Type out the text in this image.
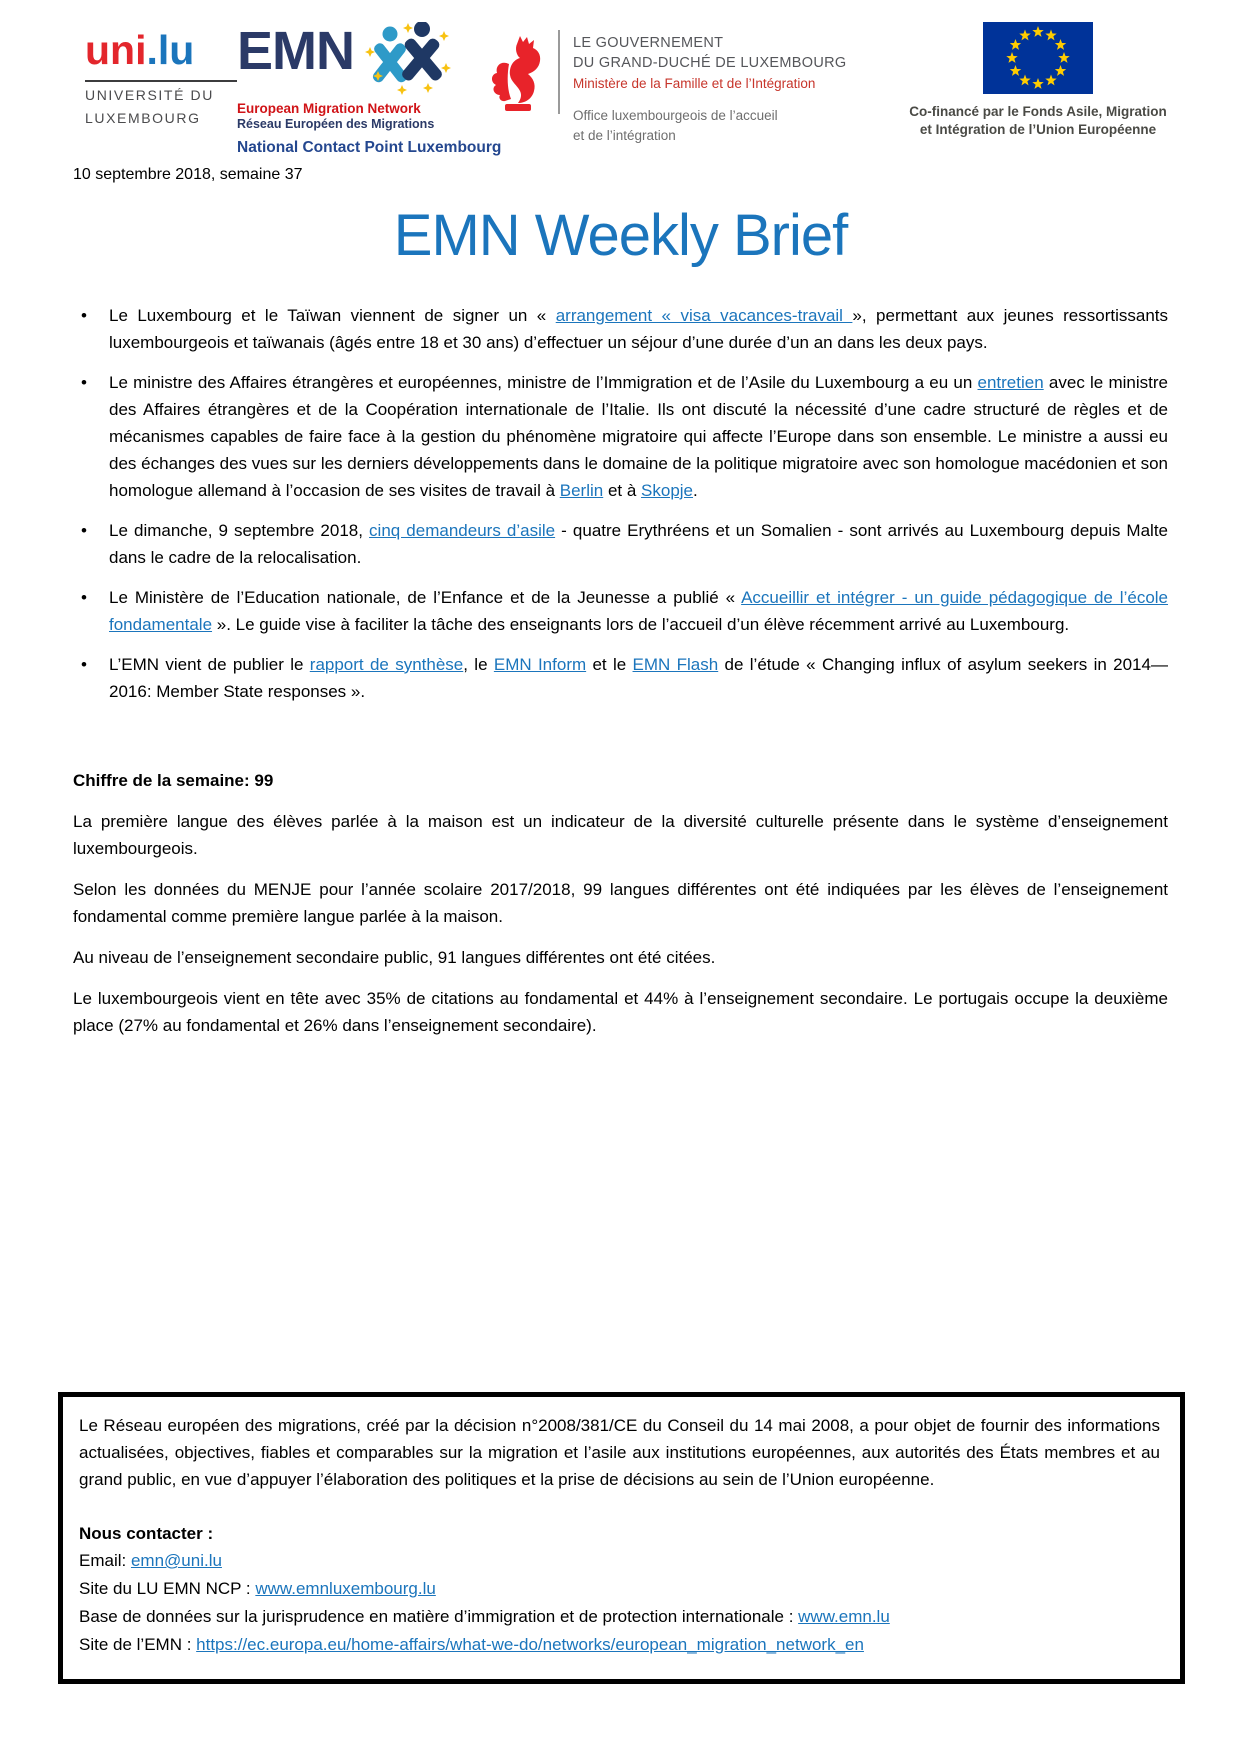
uni.lu
UNIVERSITÉ DU
LUXEMBOURG
EMN
European Migration Network
Réseau Européen des Migrations
National Contact Point Luxembourg
LE GOUVERNEMENT
DU GRAND-DUCHÉ DE LUXEMBOURG
Ministère de la Famille et de l’Intégration
Office luxembourgeois de l’accueil
et de l’intégration
Co-financé par le Fonds Asile, Migration
et Intégration de l’Union Européenne
10 septembre 2018, semaine 37
EMN Weekly Brief
• Le Luxembourg et le Taïwan viennent de signer un « arrangement « visa vacances-travail », permettant aux jeunes ressortissants luxembourgeois et taïwanais (âgés entre 18 et 30 ans) d’effectuer un séjour d’une durée d’un an dans les deux pays.
• Le ministre des Affaires étrangères et européennes, ministre de l’Immigration et de l’Asile du Luxembourg a eu un entretien avec le ministre des Affaires étrangères et de la Coopération internationale de l’Italie. Ils ont discuté la nécessité d’une cadre structuré de règles et de mécanismes capables de faire face à la gestion du phénomène migratoire qui affecte l’Europe dans son ensemble. Le ministre a aussi eu des échanges des vues sur les derniers développements dans le domaine de la politique migratoire avec son homologue macédonien et son homologue allemand à l’occasion de ses visites de travail à Berlin et à Skopje.
• Le dimanche, 9 septembre 2018, cinq demandeurs d’asile - quatre Erythréens et un Somalien - sont arrivés au Luxembourg depuis Malte dans le cadre de la relocalisation.
• Le Ministère de l’Education nationale, de l’Enfance et de la Jeunesse a publié « Accueillir et intégrer - un guide pédagogique de l’école fondamentale ». Le guide vise à faciliter la tâche des enseignants lors de l’accueil d’un élève récemment arrivé au Luxembourg.
• L’EMN vient de publier le rapport de synthèse, le EMN Inform et le EMN Flash de l’étude « Changing influx of asylum seekers in 2014—2016: Member State responses ».
Chiffre de la semaine: 99

La première langue des élèves parlée à la maison est un indicateur de la diversité culturelle présente dans le système d’enseignement luxembourgeois.

Selon les données du MENJE pour l’année scolaire 2017/2018, 99 langues différentes ont été indiquées par les élèves de l’enseignement fondamental comme première langue parlée à la maison.

Au niveau de l’enseignement secondaire public, 91 langues différentes ont été citées.

Le luxembourgeois vient en tête avec 35% de citations au fondamental et 44% à l’enseignement secondaire. Le portugais occupe la deuxième place (27% au fondamental et 26% dans l’enseignement secondaire).

Le Réseau européen des migrations, créé par la décision n°2008/381/CE du Conseil du 14 mai 2008, a pour objet de fournir des informations actualisées, objectives, fiables et comparables sur la migration et l’asile aux institutions européennes, aux autorités des États membres et au grand public, en vue d’appuyer l’élaboration des politiques et la prise de décisions au sein de l’Union européenne.

Nous contacter :
Email: emn@uni.lu
Site du LU EMN NCP : www.emnluxembourg.lu
Base de données sur la jurisprudence en matière d’immigration et de protection internationale : www.emn.lu
Site de l’EMN : https://ec.europa.eu/home-affairs/what-we-do/networks/european_migration_network_en
